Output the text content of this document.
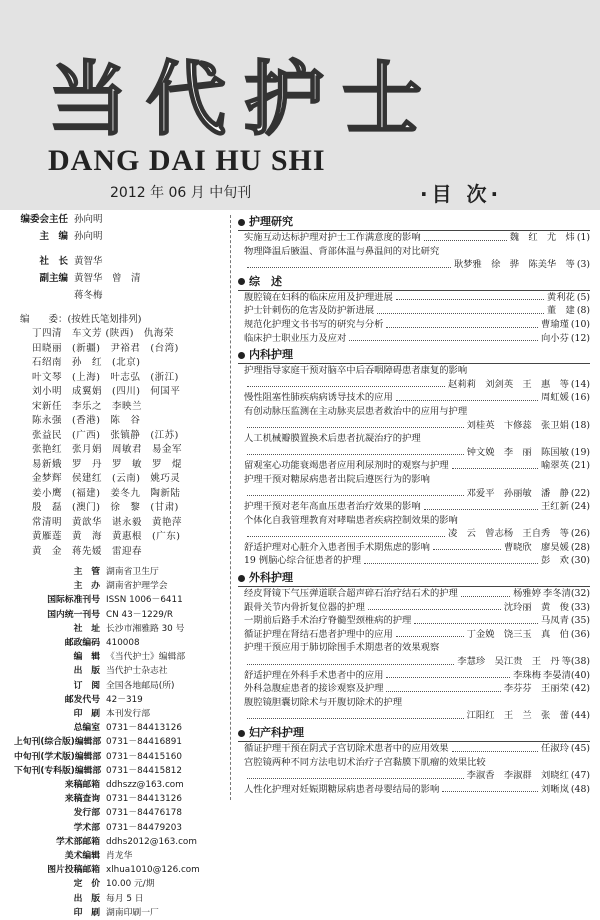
当代护士
DANG DAI HU SHI
2012 年 06 月 中旬刊	·目 次·
编委会主任 孙向明
主　编 孙向明
社　长 黄智华
副主编 黄智华　曾　清
蒋冬梅
编　　委：(按姓氏笔划排列)
丁四清　车文芳 (陕西)　仇海荣
田晓丽　(新疆)　尹裕君　(台湾)
石绍南　孙　红　(北京)
叶文琴　(上海)　叶志弘　(浙江)
刘小明　成翼娟　(四川)　何国平
宋新任　李乐之　李映兰
陈永强　(香港)　陈　谷
张益民　(广西)　张镇静　(江苏)
张艳红　张月娟　周敏君　易金军
易新娥　罗　丹　罗　敏　罗　焜
金梦辉　侯建红　(云南)　姚巧灵
姜小鹰　(福建)　姜冬九　陶新陆
殷　磊　(澳门)　徐　黎　(甘肃)
常清明　黄歆华　谌永毅　黄艳萍
黄雁莲　黄　海　黄惠根　(广东)
黄　金　蒋先媛　雷迎春
主　管 湖南省卫生厅
主　办 湖南省护理学会
国际标准刊号 ISSN 1006－6411
国内统一刊号 CN 43－1229/R
社　址 长沙市湘雅路 30 号
邮政编码 410008
编　辑 《当代护士》编辑部
出　版 当代护士杂志社
订　阅 全国各地邮局(所)
邮发代号 42－319
印　刷 本刊发行部
总编室 0731－84413126
上旬刊(综合版)编辑部 0731－84416891
中旬刊(学术版)编辑部 0731－84415160
下旬刊(专科版)编辑部 0731－84415812
来稿邮箱 ddhszz@163.com
来稿查询 0731－84413126
发行部 0731－84476178
学术部 0731－84479203
学术部邮箱 ddhs2012@163.com
美术编辑 肖龙华
图片投稿邮箱 xlhua1010@126.com
定　价 10.00 元/期
出　版 每月 5 日
印　刷 湖南印刷一厂
护理研究
实施互动达标护理对护士工作满意度的影响	魏　红　尤　炜 (1)
物理降温后腋温、背部体温与鼻温间的对比研究
耿梦雅　徐　骅　陈美华　等 (3)
综　述
腹腔镜在妇科的临床应用及护理进展	黄利花 (5)
护士针刺伤的危害及防护新进展	董　建 (8)
规范化护理文书书写的研究与分析	曹瑜瑾 (10)
临床护士职业压力及应对	向小芬 (12)
内科护理
护理指导家庭干预对脑卒中后吞咽障碍患者康复的影响
赵莉莉　刘剑英　王　惠　等 (14)
慢性阻塞性肺疾病病诱导技术的应用	周虹媛 (16)
有创动脉压监测在主动脉夹层患者救治中的应用与护理
刘桂英　卞修蕊　张卫娟 (18)
人工机械瓣膜置换术后患者抗凝治疗的护理
钟文娩　李　丽　陈国敏 (19)
留观室心功能衰竭患者应用利尿剂时的观察与护理	喻翠英 (21)
护理干预对糖尿病患者出院后遵医行为的影响
邓爱平　孙丽敏　潘　静 (22)
护理干预对老年高血压患者治疗效果的影响	王红新 (24)
个体化自我管理教育对哮喘患者疾病控制效果的影响
凌　云　曾志杨　王自秀　等 (26)
舒适护理对心脏介入患者围手术期焦虑的影响	曹晓欣　廖昊媛 (28)
19 例脑心综合征患者的护理	彭　欢 (30)
外科护理
经皮肾镜下气压弹道联合超声碎石治疗结石术的护理	杨雅婷 李冬清(32)
跟骨关节内骨折复位器的护理	沈玲丽　黄　俊 (33)
一期前后路手术治疗脊髓型颈椎病的护理	马凤青 (35)
循证护理在肾结石患者护理中的应用	丁金娩　饶三玉　真　伯 (36)
护理干预应用于肺切除围手术期患者的效果观察
李慧珍　吴江贵　王　丹 等(38)
舒适护理在外科手术患者中的应用	李珠梅 李晏清(40)
外科急腹症患者的接诊观察及护理	李芬芬　王丽荣 (42)
腹腔镜胆囊切除术与开腹切除术的护理
江阳红　王　兰　张　蕾 (44)
妇产科护理
循证护理干预在阴式子宫切除术患者中的应用效果	任淑玲 (45)
宫腔镜两种不同方法电切术治疗子宫黏膜下肌瘤的效果比较
李淑香　李淑群　刘晓红 (47)
人性化护理对妊娠期糖尿病患者母婴结局的影响	刘晰岚 (48)
